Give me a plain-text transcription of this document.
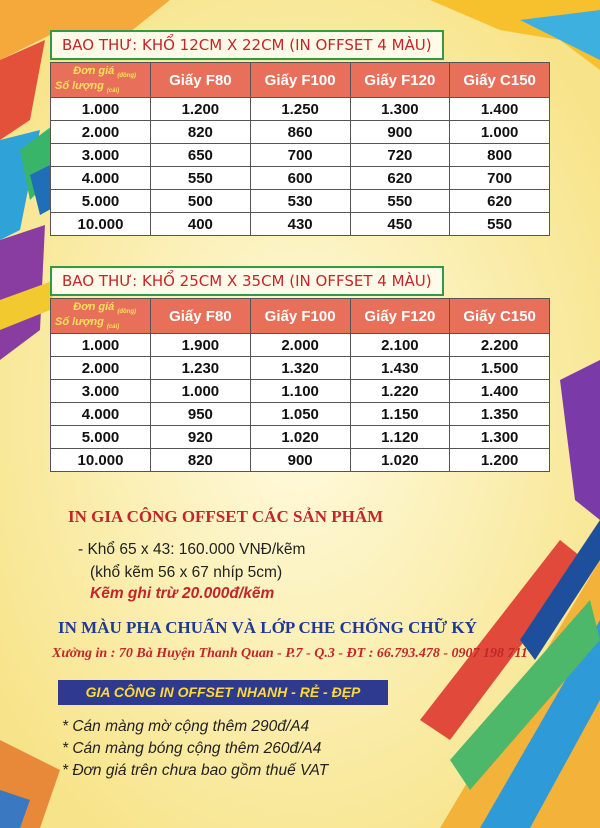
BAO THƯ: KHỔ 12CM X 22CM (IN OFFSET 4 MÀU)
Đơn giá $_{(đồng)}$
Số lượng $_{(cái)}$	Giấy F80	Giấy F100	Giấy F120	Giấy C150
1.000	1.200	1.250	1.300	1.400
2.000	820	860	900	1.000
3.000	650	700	720	800
4.000	550	600	620	700
5.000	500	530	550	620
10.000	400	430	450	550
BAO THƯ: KHỔ 25CM X 35CM (IN OFFSET 4 MÀU)
Đơn giá $_{(đồng)}$
Số lượng $_{(cái)}$	Giấy F80	Giấy F100	Giấy F120	Giấy C150
1.000	1.900	2.000	2.100	2.200
2.000	1.230	1.320	1.430	1.500
3.000	1.000	1.100	1.220	1.400
4.000	950	1.050	1.150	1.350
5.000	920	1.020	1.120	1.300
10.000	820	900	1.020	1.200
IN GIA CÔNG OFFSET CÁC SẢN PHẨM
- Khổ 65 x 43: 160.000 VNĐ/kẽm
(khổ kẽm 56 x 67 nhíp 5cm)
Kẽm ghi trừ 20.000đ/kẽm
IN MÀU PHA CHUẨN VÀ LỚP CHE CHỐNG CHỮ KÝ
Xưởng in : 70 Bà Huyện Thanh Quan - P.7 - Q.3 - ĐT : 66.793.478 - 0907 198 711
GIA CÔNG IN OFFSET NHANH - RẺ - ĐẸP
* Cán màng mờ cộng thêm 290đ/A4
* Cán màng bóng cộng thêm 260đ/A4
* Đơn giá trên chưa bao gồm thuế VAT
